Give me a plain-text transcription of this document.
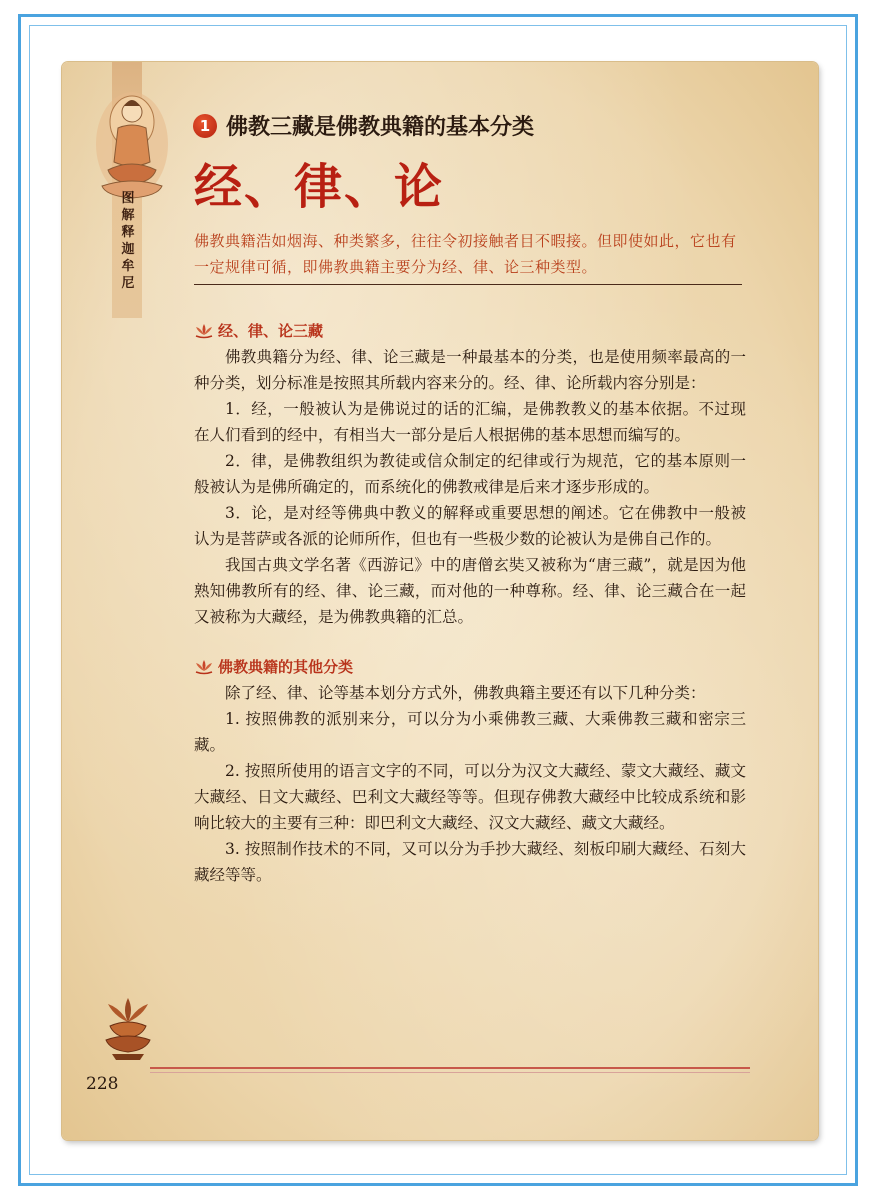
图解释迦牟尼
1 佛教三藏是佛教典籍的基本分类
经、律、论
佛教典籍浩如烟海、种类繁多，往往令初接触者目不暇接。但即使如此，它也有一定规律可循，即佛教典籍主要分为经、律、论三种类型。
经、律、论三藏

佛教典籍分为经、律、论三藏是一种最基本的分类，也是使用频率最高的一种分类，划分标准是按照其所载内容来分的。经、律、论所载内容分别是：

1．经，一般被认为是佛说过的话的汇编，是佛教教义的基本依据。不过现在人们看到的经中，有相当大一部分是后人根据佛的基本思想而编写的。

2．律，是佛教组织为教徒或信众制定的纪律或行为规范，它的基本原则一般被认为是佛所确定的，而系统化的佛教戒律是后来才逐步形成的。

3．论，是对经等佛典中教义的解释或重要思想的阐述。它在佛教中一般被认为是菩萨或各派的论师所作，但也有一些极少数的论被认为是佛自己作的。

我国古典文学名著《西游记》中的唐僧玄奘又被称为“唐三藏”，就是因为他熟知佛教所有的经、律、论三藏，而对他的一种尊称。经、律、论三藏合在一起又被称为大藏经，是为佛教典籍的汇总。

佛教典籍的其他分类

除了经、律、论等基本划分方式外，佛教典籍主要还有以下几种分类：

1. 按照佛教的派别来分，可以分为小乘佛教三藏、大乘佛教三藏和密宗三藏。

2. 按照所使用的语言文字的不同，可以分为汉文大藏经、蒙文大藏经、藏文大藏经、日文大藏经、巴利文大藏经等等。但现存佛教大藏经中比较成系统和影响比较大的主要有三种：即巴利文大藏经、汉文大藏经、藏文大藏经。

3. 按照制作技术的不同，又可以分为手抄大藏经、刻板印刷大藏经、石刻大藏经等等。

228
